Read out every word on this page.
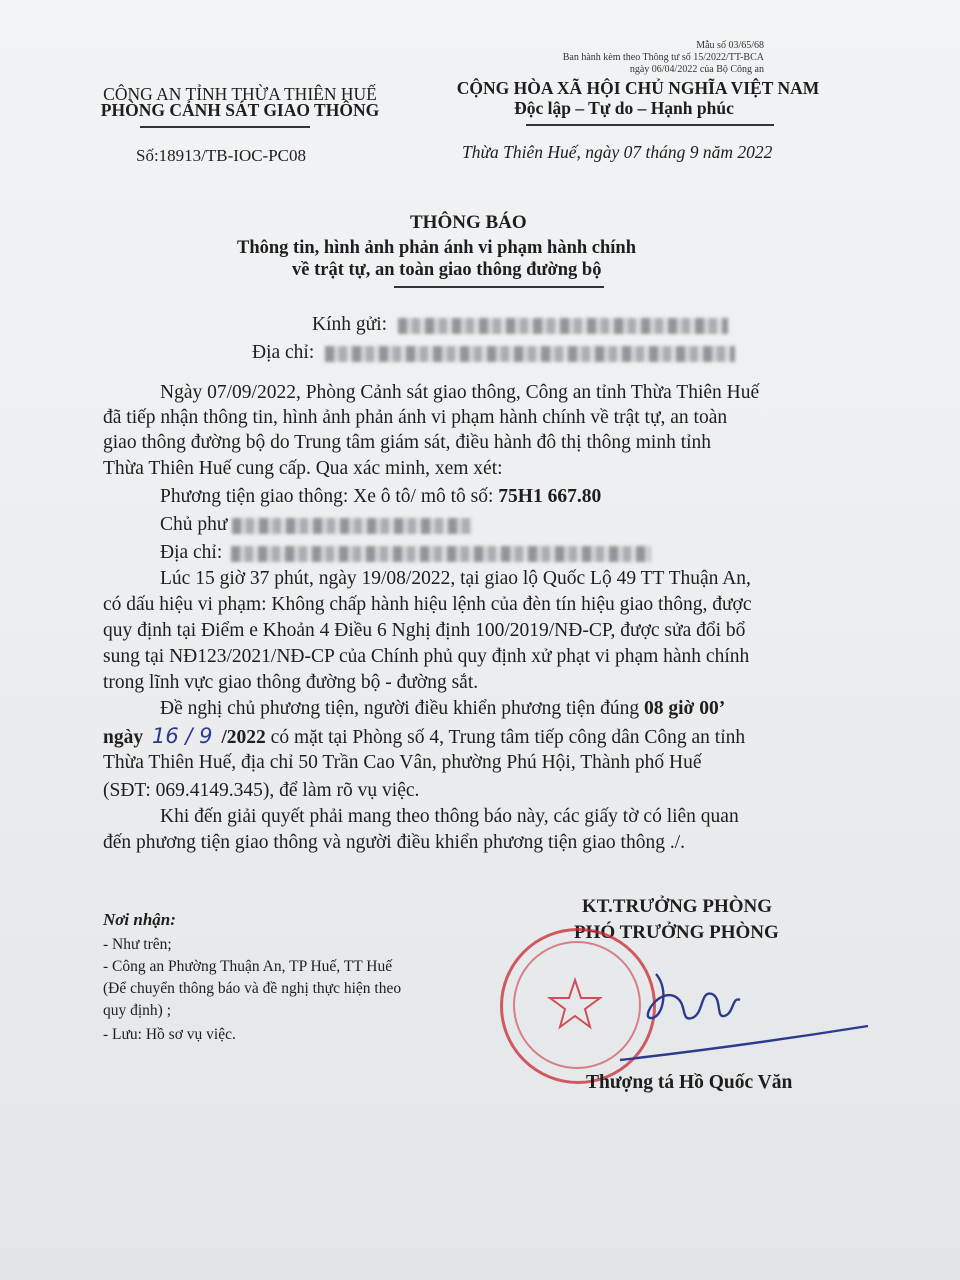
Mẫu số 03/65/68
Ban hành kèm theo Thông tư số 15/2022/TT-BCA
ngày 06/04/2022 của Bộ Công an
CÔNG AN TỈNH THỪA THIÊN HUẾ
PHÒNG CẢNH SÁT GIAO THÔNG
Số:18913/TB-IOC-PC08
CỘNG HÒA XÃ HỘI CHỦ NGHĨA VIỆT NAM
Độc lập – Tự do – Hạnh phúc
Thừa Thiên Huế, ngày 07 tháng 9 năm 2022
THÔNG BÁO
Thông tin, hình ảnh phản ánh vi phạm hành chính
về trật tự, an toàn giao thông đường bộ
Kính gửi:
Địa chỉ:
Ngày 07/09/2022, Phòng Cảnh sát giao thông, Công an tỉnh Thừa Thiên Huế
đã tiếp nhận thông tin, hình ảnh phản ánh vi phạm hành chính về trật tự, an toàn
giao thông đường bộ do Trung tâm giám sát, điều hành đô thị thông minh tỉnh
Thừa Thiên Huế cung cấp. Qua xác minh, xem xét:
Phương tiện giao thông: Xe ô tô/ mô tô số: 75H1 667.80
Chủ phư
Địa chỉ:
Lúc 15 giờ 37 phút, ngày 19/08/2022, tại giao lộ Quốc Lộ 49 TT Thuận An,
có dấu hiệu vi phạm: Không chấp hành hiệu lệnh của đèn tín hiệu giao thông, được
quy định tại Điểm e Khoản 4 Điều 6 Nghị định 100/2019/NĐ-CP, được sửa đổi bổ
sung tại NĐ123/2021/NĐ-CP của Chính phủ quy định xử phạt vi phạm hành chính
trong lĩnh vực giao thông đường bộ - đường sắt.
Đề nghị chủ phương tiện, người điều khiển phương tiện đúng 08 giờ 00’
ngày 16 / 9 /2022 có mặt tại Phòng số 4, Trung tâm tiếp công dân Công an tỉnh
Thừa Thiên Huế, địa chỉ 50 Trần Cao Vân, phường Phú Hội, Thành phố Huế
(SĐT: 069.4149.345), để làm rõ vụ việc.
Khi đến giải quyết phải mang theo thông báo này, các giấy tờ có liên quan
đến phương tiện giao thông và người điều khiển phương tiện giao thông ./.
Nơi nhận:
- Như trên;
- Công an Phường Thuận An, TP Huế, TT Huế
(Để chuyển thông báo và đề nghị thực hiện theo
quy định) ;
- Lưu: Hồ sơ vụ việc.
KT.TRƯỞNG PHÒNG
PHÓ TRƯỞNG PHÒNG
Thượng tá Hồ Quốc Văn
